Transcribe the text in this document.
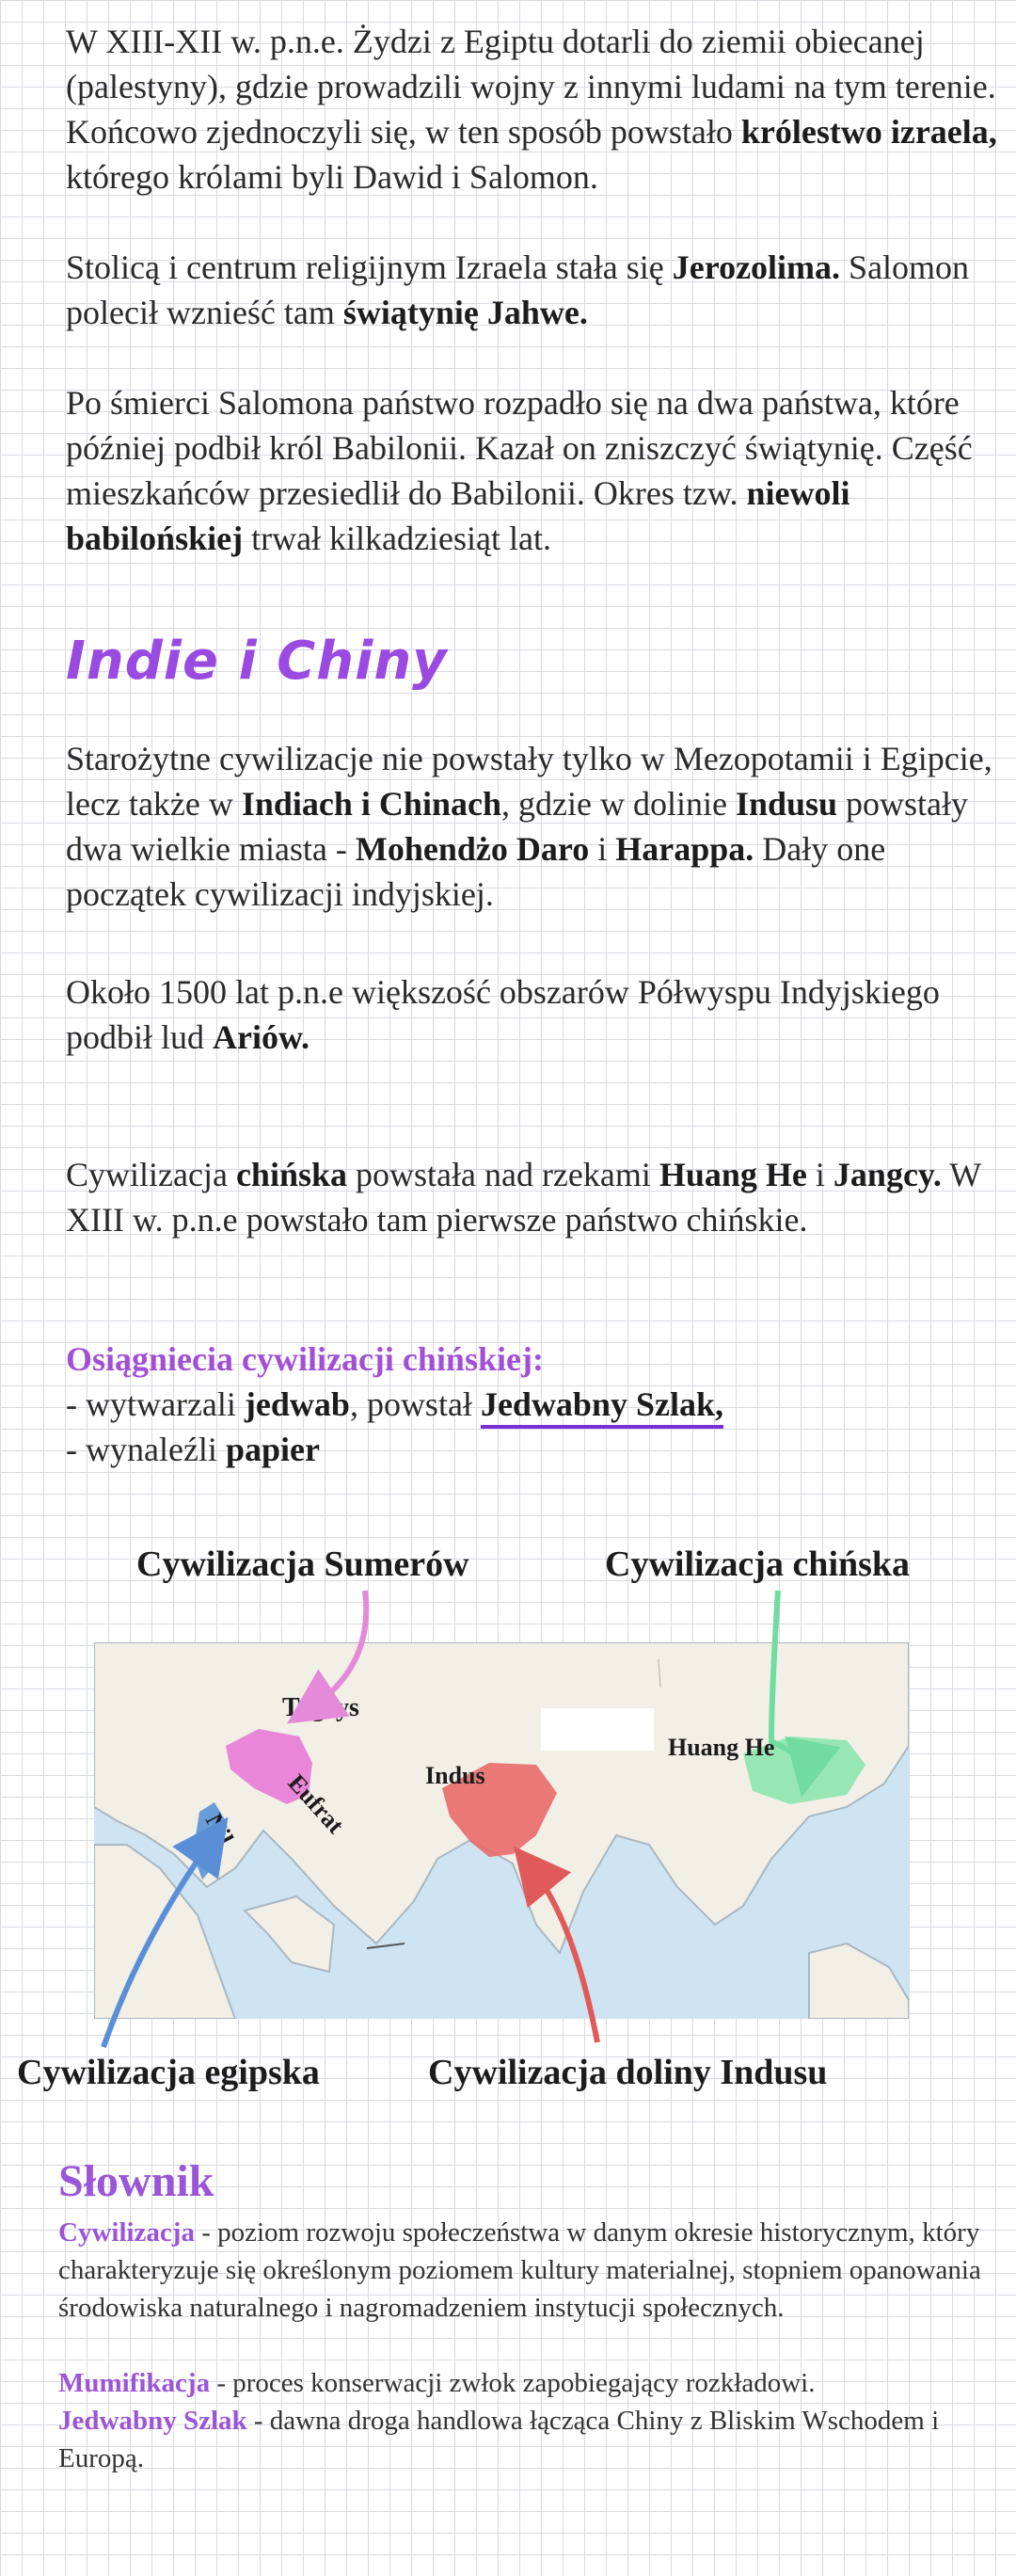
W XIII-XII w. p.n.e. Żydzi z Egiptu dotarli do ziemii obiecanej (palestyny), gdzie prowadzili wojny z innymi ludami na tym terenie. Końcowo zjednoczyli się, w ten sposób powstało królestwo izraela, którego królami byli Dawid i Salomon.

Stolicą i centrum religijnym Izraela stała się Jerozolima. Salomon polecił wznieść tam świątynię Jahwe.

Po śmierci Salomona państwo rozpadło się na dwa państwa, które później podbił król Babilonii. Kazał on zniszczyć świątynię. Część mieszkańców przesiedlił do Babilonii. Okres tzw. niewoli babilońskiej trwał kilkadziesiąt lat.

Indie i Chiny

Starożytne cywilizacje nie powstały tylko w Mezopotamii i Egipcie, lecz także w Indiach i Chinach, gdzie w dolinie Indusu powstały dwa wielkie miasta - Mohendżo Daro i Harappa. Dały one początek cywilizacji indyjskiej.

Około 1500 lat p.n.e większość obszarów Półwyspu Indyjskiego podbił lud Ariów.

Cywilizacja chińska powstała nad rzekami Huang He i Jangcy. W XIII w. p.n.e powstało tam pierwsze państwo chińskie.

Osiągniecia cywilizacji chińskiej:
- wytwarzali jedwab, powstał Jedwabny Szlak,
- wynaleźli papier
Cywilizacja Sumerów	Cywilizacja chińska
Cywilizacja egipska	Cywilizacja doliny Indusu
Tygrys
Eufrat
Nil
Indus
Huang He
Słownik

Cywilizacja - poziom rozwoju społeczeństwa w danym okresie historycznym, który charakteryzuje się określonym poziomem kultury materialnej, stopniem opanowania środowiska naturalnego i nagromadzeniem instytucji społecznych.

Mumifikacja - proces konserwacji zwłok zapobiegający rozkładowi.

Jedwabny Szlak - dawna droga handlowa łącząca Chiny z Bliskim Wschodem i Europą.
